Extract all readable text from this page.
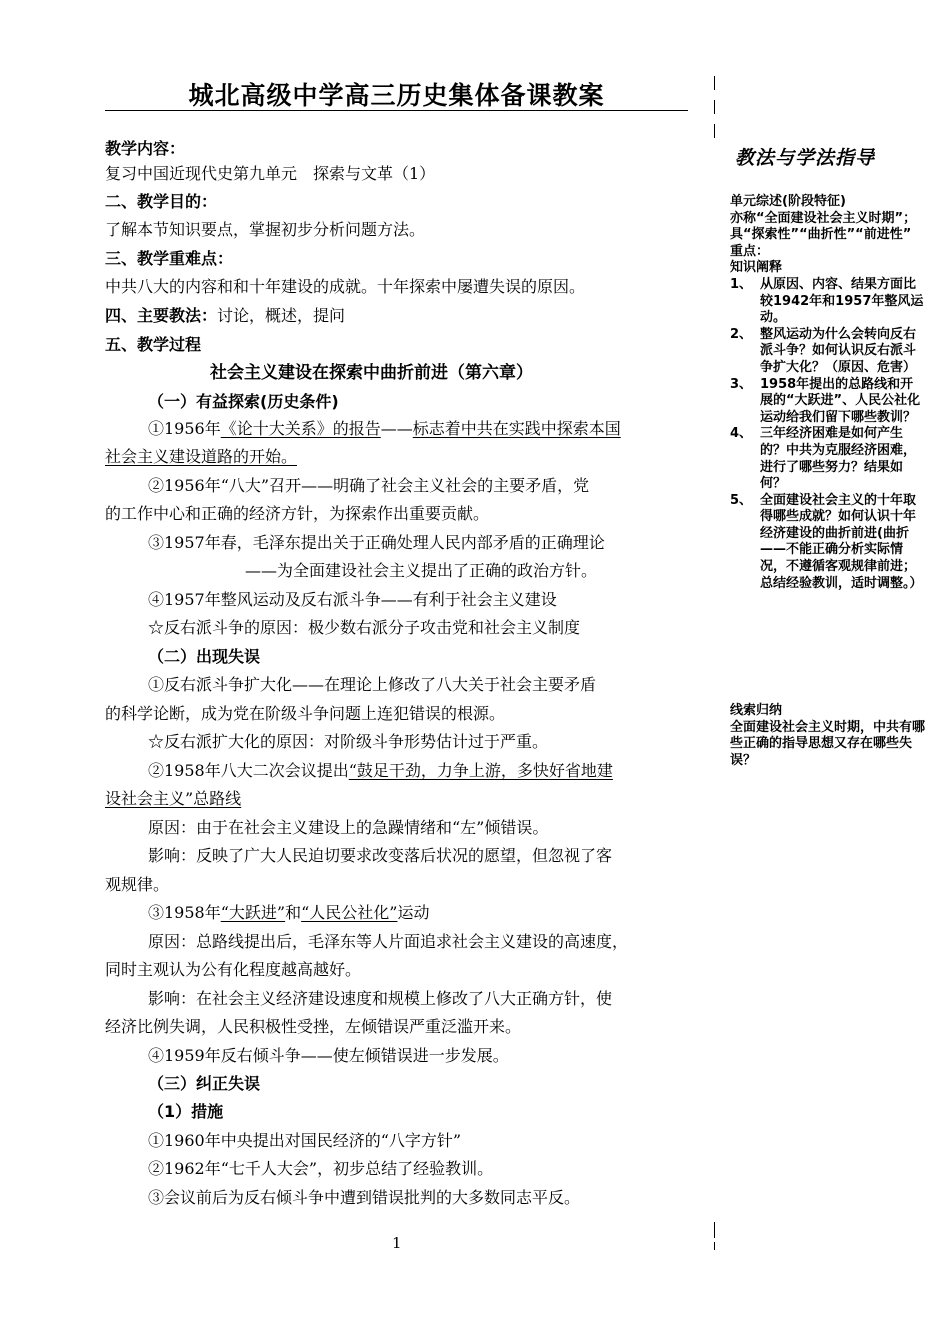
城北高级中学高三历史集体备课教案
教学内容：
复习中国近现代史第九单元　探索与文革（1）
二、教学目的：
了解本节知识要点，掌握初步分析问题方法。
三、教学重难点：
中共八大的内容和和十年建设的成就。十年探索中屡遭失误的原因。
四、主要教法：讨论，概述，提问
五、教学过程
社会主义建设在探索中曲折前进（第六章）
（一）有益探索(历史条件)
①1956年《论十大关系》的报告——标志着中共在实践中探索本国
社会主义建设道路的开始。
②1956年“八大”召开——明确了社会主义社会的主要矛盾，党
的工作中心和正确的经济方针，为探索作出重要贡献。
③1957年春，毛泽东提出关于正确处理人民内部矛盾的正确理论
——为全面建设社会主义提出了正确的政治方针。
④1957年整风运动及反右派斗争——有利于社会主义建设
☆反右派斗争的原因：极少数右派分子攻击党和社会主义制度
（二）出现失误
①反右派斗争扩大化——在理论上修改了八大关于社会主要矛盾
的科学论断，成为党在阶级斗争问题上连犯错误的根源。
☆反右派扩大化的原因：对阶级斗争形势估计过于严重。
②1958年八大二次会议提出“鼓足干劲，力争上游，多快好省地建
设社会主义”总路线
原因：由于在社会主义建设上的急躁情绪和“左”倾错误。
影响：反映了广大人民迫切要求改变落后状况的愿望，但忽视了客
观规律。
③1958年“大跃进”和“人民公社化”运动
原因：总路线提出后，毛泽东等人片面追求社会主义建设的高速度，
同时主观认为公有化程度越高越好。
影响：在社会主义经济建设速度和规模上修改了八大正确方针，使
经济比例失调，人民积极性受挫，左倾错误严重泛滥开来。
④1959年反右倾斗争——使左倾错误进一步发展。
（三）纠正失误
（1）措施
①1960年中央提出对国民经济的“八字方针”
②1962年“七千人大会”，初步总结了经验教训。
③会议前后为反右倾斗争中遭到错误批判的大多数同志平反。
1
教法与学法指导
单元综述(阶段特征)
亦称“全面建设社会主义时期”；具“探索性”“曲折性”“前进性”
重点：
知识阐释
1、 从原因、内容、结果方面比较1942年和1957年整风运动。
2、 整风运动为什么会转向反右派斗争？如何认识反右派斗争扩大化？（原因、危害）
3、 1958年提出的总路线和开展的“大跃进”、人民公社化运动给我们留下哪些教训？
4、 三年经济困难是如何产生的？中共为克服经济困难，进行了哪些努力？结果如何？
5、 全面建设社会主义的十年取得哪些成就？如何认识十年经济建设的曲折前进(曲折——不能正确分析实际情况，不遵循客观规律前进；总结经验教训，适时调整。）
线索归纳
全面建设社会主义时期，中共有哪些正确的指导思想又存在哪些失误？
